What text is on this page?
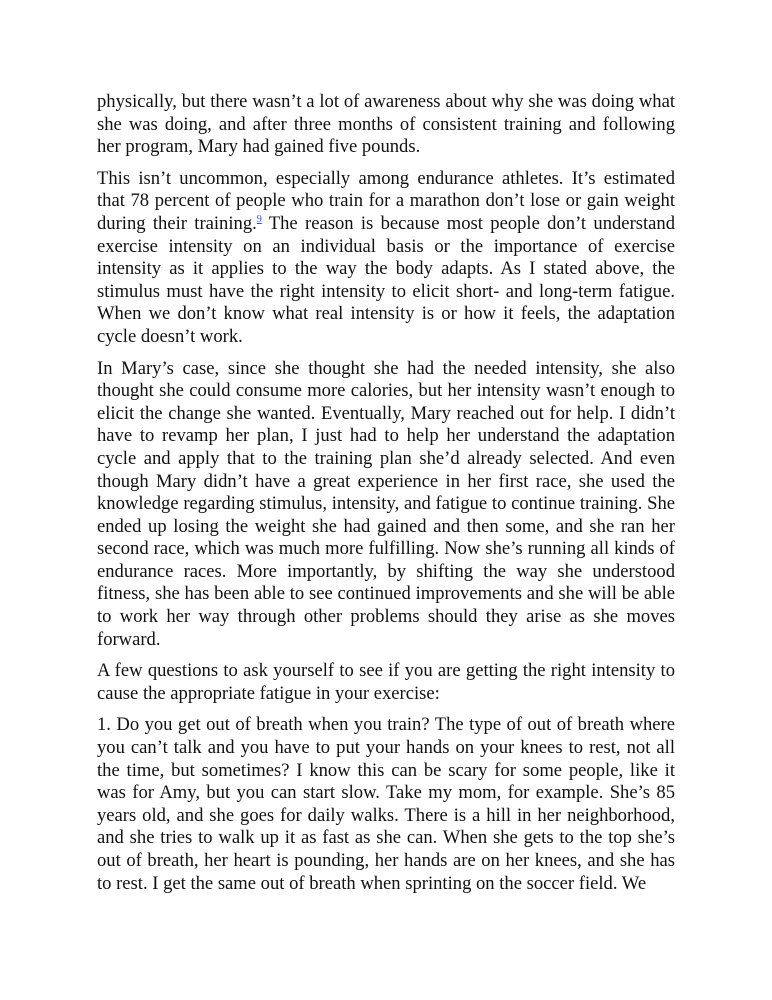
physically, but there wasn’t a lot of awareness about why she was doing what she was doing, and after three months of consistent training and following her program, Mary had gained five pounds.

This isn’t uncommon, especially among endurance athletes. It’s estimated that 78 percent of people who train for a marathon don’t lose or gain weight during their training.$^9$ The reason is because most people don’t understand exercise intensity on an individual basis or the importance of exercise intensity as it applies to the way the body adapts. As I stated above, the stimulus must have the right intensity to elicit short- and long-term fatigue. When we don’t know what real intensity is or how it feels, the adaptation cycle doesn’t work.

In Mary’s case, since she thought she had the needed intensity, she also thought she could consume more calories, but her intensity wasn’t enough to elicit the change she wanted. Eventually, Mary reached out for help. I didn’t have to revamp her plan, I just had to help her understand the adaptation cycle and apply that to the training plan she’d already selected. And even though Mary didn’t have a great experience in her first race, she used the knowledge regarding stimulus, intensity, and fatigue to continue training. She ended up losing the weight she had gained and then some, and she ran her second race, which was much more fulfilling. Now she’s running all kinds of endurance races. More importantly, by shifting the way she understood fitness, she has been able to see continued improvements and she will be able to work her way through other problems should they arise as she moves forward.

A few questions to ask yourself to see if you are getting the right intensity to cause the appropriate fatigue in your exercise:

1. Do you get out of breath when you train? The type of out of breath where you can’t talk and you have to put your hands on your knees to rest, not all the time, but sometimes? I know this can be scary for some people, like it was for Amy, but you can start slow. Take my mom, for example. She’s 85 years old, and she goes for daily walks. There is a hill in her neighborhood, and she tries to walk up it as fast as she can. When she gets to the top she’s out of breath, her heart is pounding, her hands are on her knees, and she has to rest. I get the same out of breath when sprinting on the soccer field. We
